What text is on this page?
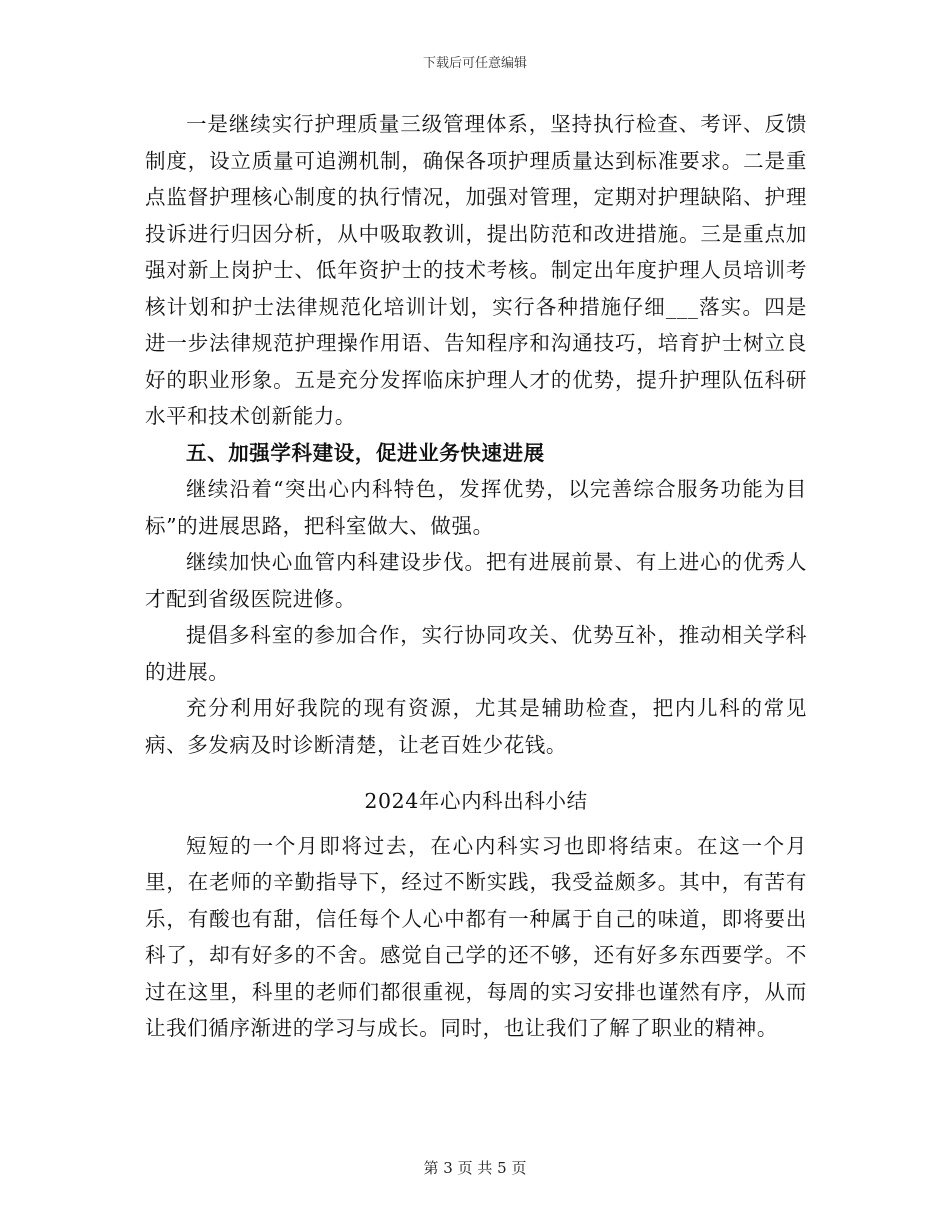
下载后可任意编辑

一是继续实行护理质量三级管理体系，坚持执行检查、考评、反馈制度，设立质量可追溯机制，确保各项护理质量达到标准要求。二是重点监督护理核心制度的执行情况，加强对管理，定期对护理缺陷、护理投诉进行归因分析，从中吸取教训，提出防范和改进措施。三是重点加强对新上岗护士、低年资护士的技术考核。制定出年度护理人员培训考核计划和护士法律规范化培训计划，实行各种措施仔细___落实。四是进一步法律规范护理操作用语、告知程序和沟通技巧，培育护士树立良好的职业形象。五是充分发挥临床护理人才的优势，提升护理队伍科研水平和技术创新能力。

五、加强学科建设，促进业务快速进展

继续沿着“突出心内科特色，发挥优势，以完善综合服务功能为目标”的进展思路，把科室做大、做强。

继续加快心血管内科建设步伐。把有进展前景、有上进心的优秀人才配到省级医院进修。

提倡多科室的参加合作，实行协同攻关、优势互补，推动相关学科的进展。

充分利用好我院的现有资源，尤其是辅助检查，把内儿科的常见病、多发病及时诊断清楚，让老百姓少花钱。

2024年心内科出科小结

短短的一个月即将过去，在心内科实习也即将结束。在这一个月里，在老师的辛勤指导下，经过不断实践，我受益颇多。其中，有苦有乐，有酸也有甜，信任每个人心中都有一种属于自己的味道，即将要出科了，却有好多的不舍。感觉自己学的还不够，还有好多东西要学。不过在这里，科里的老师们都很重视，每周的实习安排也谨然有序，从而让我们循序渐进的学习与成长。同时，也让我们了解了职业的精神。

第 3 页 共 5 页
